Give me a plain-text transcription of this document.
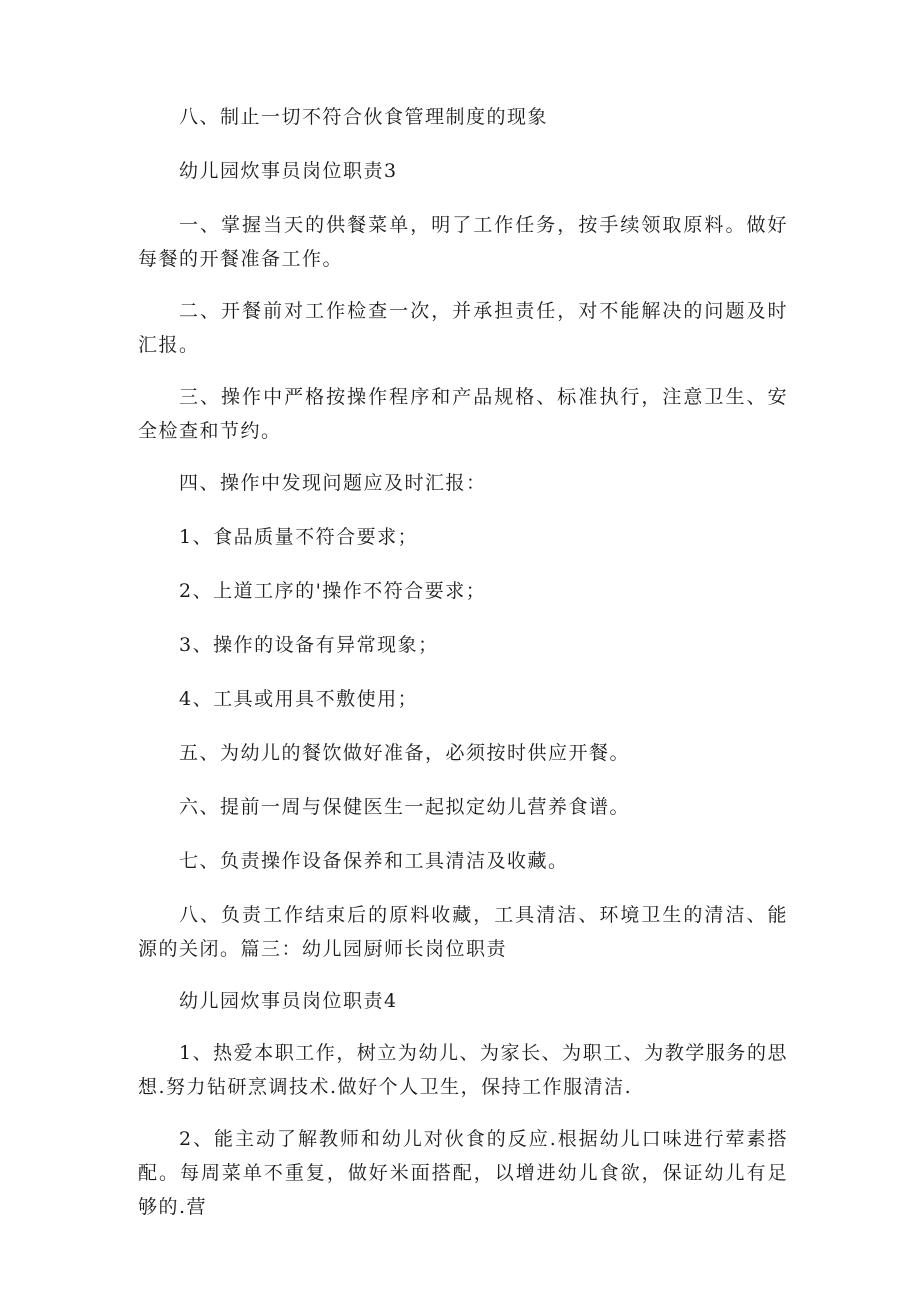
八、制止一切不符合伙食管理制度的现象

幼儿园炊事员岗位职责3

一、掌握当天的供餐菜单，明了工作任务，按手续领取原料。做好每餐的开餐准备工作。

二、开餐前对工作检查一次，并承担责任，对不能解决的问题及时汇报。

三、操作中严格按操作程序和产品规格、标准执行，注意卫生、安全检查和节约。

四、操作中发现问题应及时汇报：

1、食品质量不符合要求；

2、上道工序的'操作不符合要求；

3、操作的设备有异常现象；

4、工具或用具不敷使用；

五、为幼儿的餐饮做好准备，必须按时供应开餐。

六、提前一周与保健医生一起拟定幼儿营养食谱。

七、负责操作设备保养和工具清洁及收藏。

八、负责工作结束后的原料收藏，工具清洁、环境卫生的清洁、能源的关闭。篇三：幼儿园厨师长岗位职责

幼儿园炊事员岗位职责4

1、热爱本职工作，树立为幼儿、为家长、为职工、为教学服务的思想.努力钻研烹调技术.做好个人卫生，保持工作服清洁.

2、能主动了解教师和幼儿对伙食的反应.根据幼儿口味进行荤素搭配。每周菜单不重复，做好米面搭配，以增进幼儿食欲，保证幼儿有足够的.营
